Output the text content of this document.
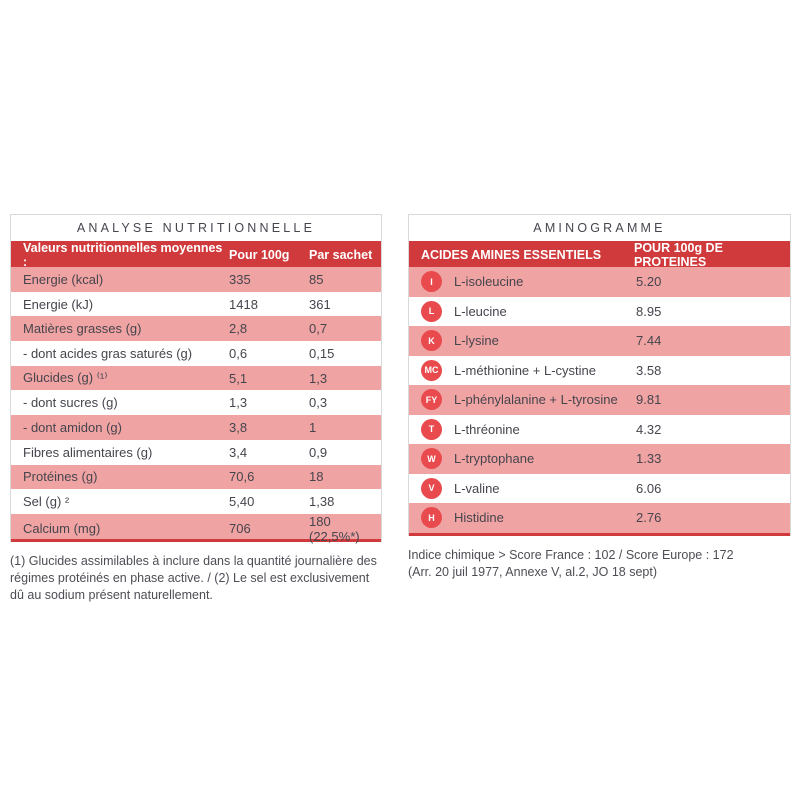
ANALYSE NUTRITIONNELLE
Valeurs nutritionnelles moyennes :	Pour 100g	Par sachet
Energie (kcal)	335	85
Energie (kJ)	1418	361
Matières grasses (g)	2,8	0,7
- dont acides gras saturés (g)	0,6	0,15
Glucides (g) ⁽¹⁾	5,1	1,3
- dont sucres (g)	1,3	0,3
- dont amidon (g)	3,8	1
Fibres alimentaires (g)	3,4	0,9
Protéines (g)	70,6	18
Sel (g) ²	5,40	1,38
Calcium (mg)	706	180 (22,5%*)
(1) Glucides assimilables à inclure dans la quantité journalière des régimes protéinés en phase active. / (2) Le sel est exclusivement dû au sodium présent naturellement.
AMINOGRAMME
ACIDES AMINES ESSENTIELS	POUR 100g DE PROTEINES
I	L-isoleucine	5.20
L	L-leucine	8.95
K	L-lysine	7.44
MC L-méthionine + L-cystine	3.58
FY	L-phénylalanine + L-tyrosine	9.81
T	L-thréonine	4.32
W	L-tryptophane	1.33
V	L-valine	6.06
H	Histidine	2.76
Indice chimique > Score France : 102 / Score Europe : 172
(Arr. 20 juil 1977, Annexe V, al.2, JO 18 sept)
